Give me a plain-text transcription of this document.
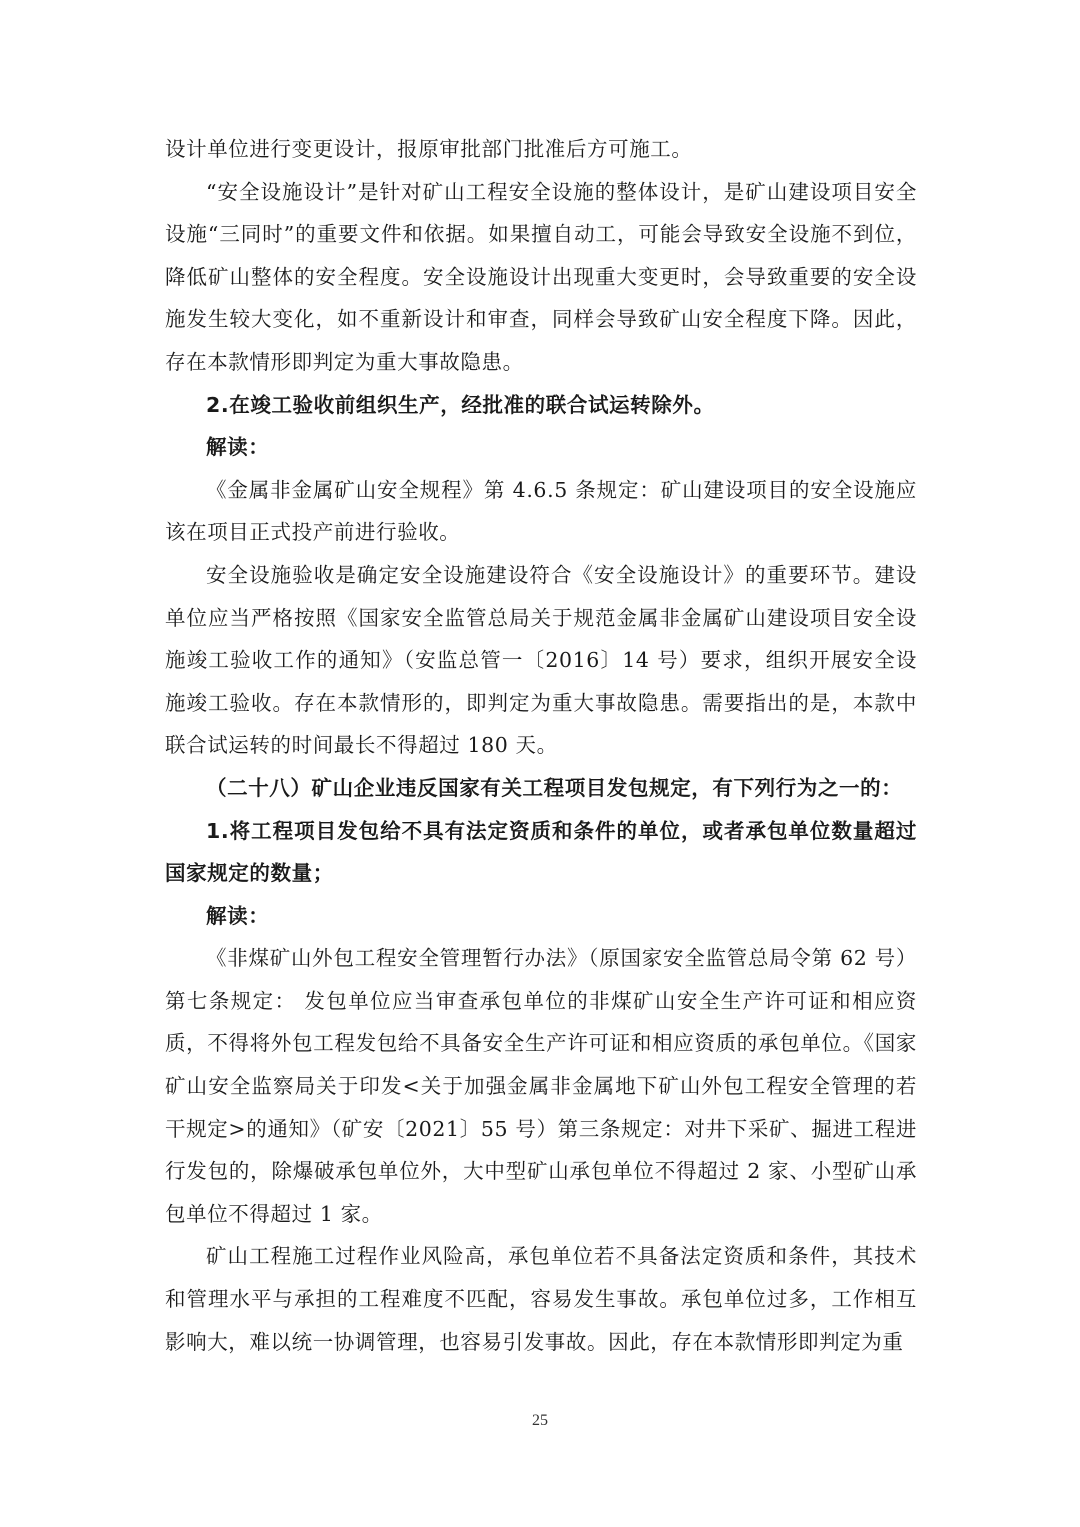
设计单位进行变更设计，报原审批部门批准后方可施工。

“安全设施设计”是针对矿山工程安全设施的整体设计，是矿山建设项目安全设施“三同时”的重要文件和依据。如果擅自动工，可能会导致安全设施不到位，降低矿山整体的安全程度。安全设施设计出现重大变更时，会导致重要的安全设施发生较大变化，如不重新设计和审查，同样会导致矿山安全程度下降。因此，存在本款情形即判定为重大事故隐患。

2.在竣工验收前组织生产，经批准的联合试运转除外。

解读：

《金属非金属矿山安全规程》第 4.6.5 条规定：矿山建设项目的安全设施应该在项目正式投产前进行验收。

安全设施验收是确定安全设施建设符合《安全设施设计》的重要环节。建设单位应当严格按照《国家安全监管总局关于规范金属非金属矿山建设项目安全设施竣工验收工作的通知》（安监总管一〔2016〕14 号）要求，组织开展安全设施竣工验收。存在本款情形的，即判定为重大事故隐患。需要指出的是，本款中联合试运转的时间最长不得超过 180 天。

（二十八）矿山企业违反国家有关工程项目发包规定，有下列行为之一的：

1.将工程项目发包给不具有法定资质和条件的单位，或者承包单位数量超过国家规定的数量；

解读：

《非煤矿山外包工程安全管理暂行办法》（原国家安全监管总局令第 62 号）第七条规定： 发包单位应当审查承包单位的非煤矿山安全生产许可证和相应资质，不得将外包工程发包给不具备安全生产许可证和相应资质的承包单位。《国家矿山安全监察局关于印发<关于加强金属非金属地下矿山外包工程安全管理的若干规定>的通知》（矿安〔2021〕55 号）第三条规定：对井下采矿、掘进工程进行发包的，除爆破承包单位外，大中型矿山承包单位不得超过 2 家、小型矿山承包单位不得超过 1 家。

矿山工程施工过程作业风险高，承包单位若不具备法定资质和条件，其技术和管理水平与承担的工程难度不匹配，容易发生事故。承包单位过多，工作相互影响大，难以统一协调管理，也容易引发事故。因此，存在本款情形即判定为重

25
